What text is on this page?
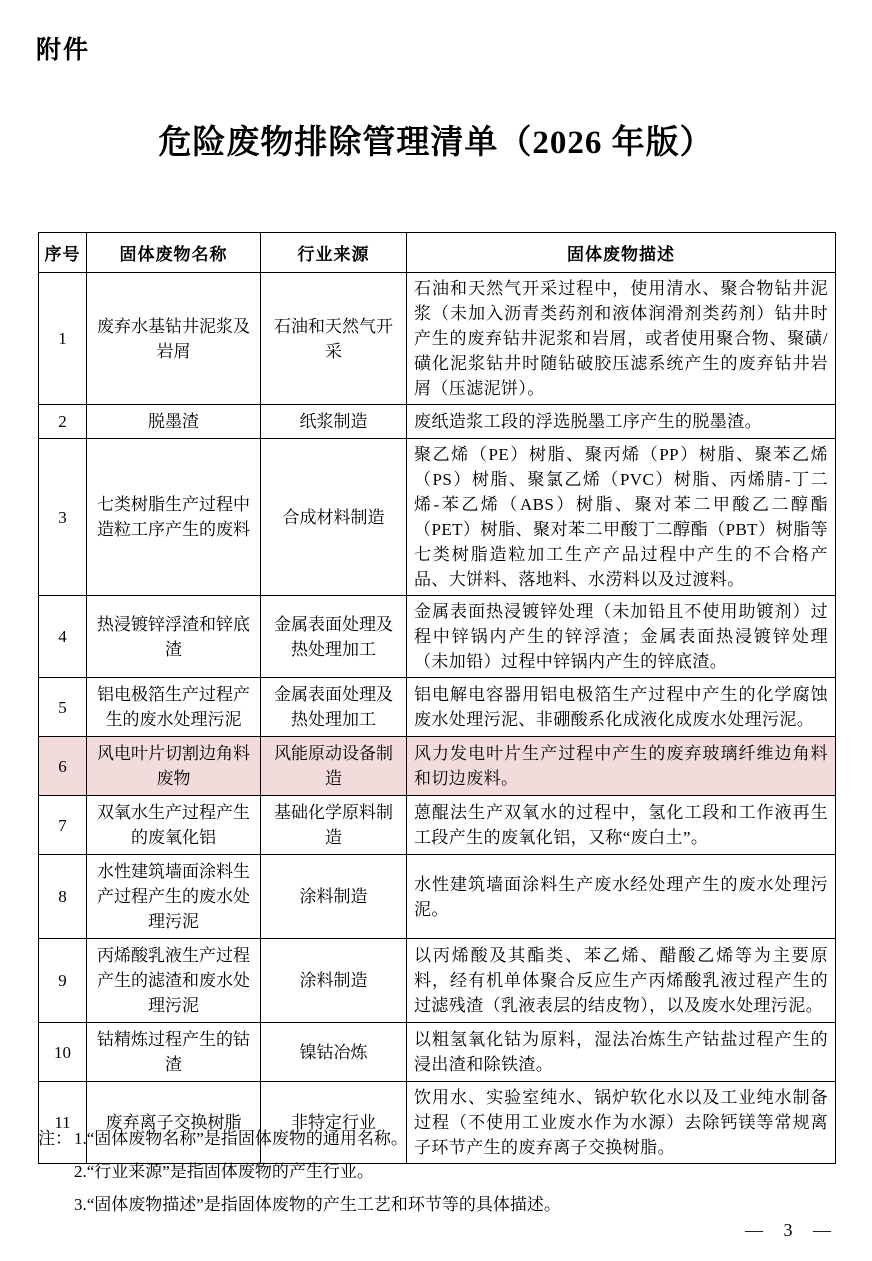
附件
危险废物排除管理清单（2026 年版）
序号	固体废物名称	行业来源	固体废物描述
1	废弃水基钻井泥浆及岩屑	石油和天然气开采	石油和天然气开采过程中，使用清水、聚合物钻井泥浆（未加入沥青类药剂和液体润滑剂类药剂）钻井时产生的废弃钻井泥浆和岩屑，或者使用聚合物、聚磺/磺化泥浆钻井时随钻破胶压滤系统产生的废弃钻井岩屑（压滤泥饼）。
2	脱墨渣	纸浆制造	废纸造浆工段的浮选脱墨工序产生的脱墨渣。
3	七类树脂生产过程中造粒工序产生的废料	合成材料制造	聚乙烯（PE）树脂、聚丙烯（PP）树脂、聚苯乙烯（PS）树脂、聚氯乙烯（PVC）树脂、丙烯腈-丁二烯-苯乙烯（ABS）树脂、聚对苯二甲酸乙二醇酯（PET）树脂、聚对苯二甲酸丁二醇酯（PBT）树脂等七类树脂造粒加工生产产品过程中产生的不合格产品、大饼料、落地料、水涝料以及过渡料。
4	热浸镀锌浮渣和锌底渣	金属表面处理及热处理加工	金属表面热浸镀锌处理（未加铅且不使用助镀剂）过程中锌锅内产生的锌浮渣；金属表面热浸镀锌处理（未加铅）过程中锌锅内产生的锌底渣。
5	铝电极箔生产过程产生的废水处理污泥	金属表面处理及热处理加工	铝电解电容器用铝电极箔生产过程中产生的化学腐蚀废水处理污泥、非硼酸系化成液化成废水处理污泥。
6	风电叶片切割边角料废物	风能原动设备制造	风力发电叶片生产过程中产生的废弃玻璃纤维边角料和切边废料。
7	双氧水生产过程产生的废氧化铝	基础化学原料制造	蒽醌法生产双氧水的过程中，氢化工段和工作液再生工段产生的废氧化铝，又称“废白土”。
8	水性建筑墙面涂料生产过程产生的废水处理污泥	涂料制造	水性建筑墙面涂料生产废水经处理产生的废水处理污泥。
9	丙烯酸乳液生产过程产生的滤渣和废水处理污泥	涂料制造	以丙烯酸及其酯类、苯乙烯、醋酸乙烯等为主要原料，经有机单体聚合反应生产丙烯酸乳液过程产生的过滤残渣（乳液表层的结皮物），以及废水处理污泥。
10	钴精炼过程产生的钴渣	镍钴冶炼	以粗氢氧化钴为原料，湿法冶炼生产钴盐过程产生的浸出渣和除铁渣。
11	废弃离子交换树脂	非特定行业	饮用水、实验室纯水、锅炉软化水以及工业纯水制备过程（不使用工业废水作为水源）去除钙镁等常规离子环节产生的废弃离子交换树脂。
注： 1.“固体废物名称”是指固体废物的通用名称。
2.“行业来源”是指固体废物的产生行业。
3.“固体废物描述”是指固体废物的产生工艺和环节等的具体描述。
— 3 —
